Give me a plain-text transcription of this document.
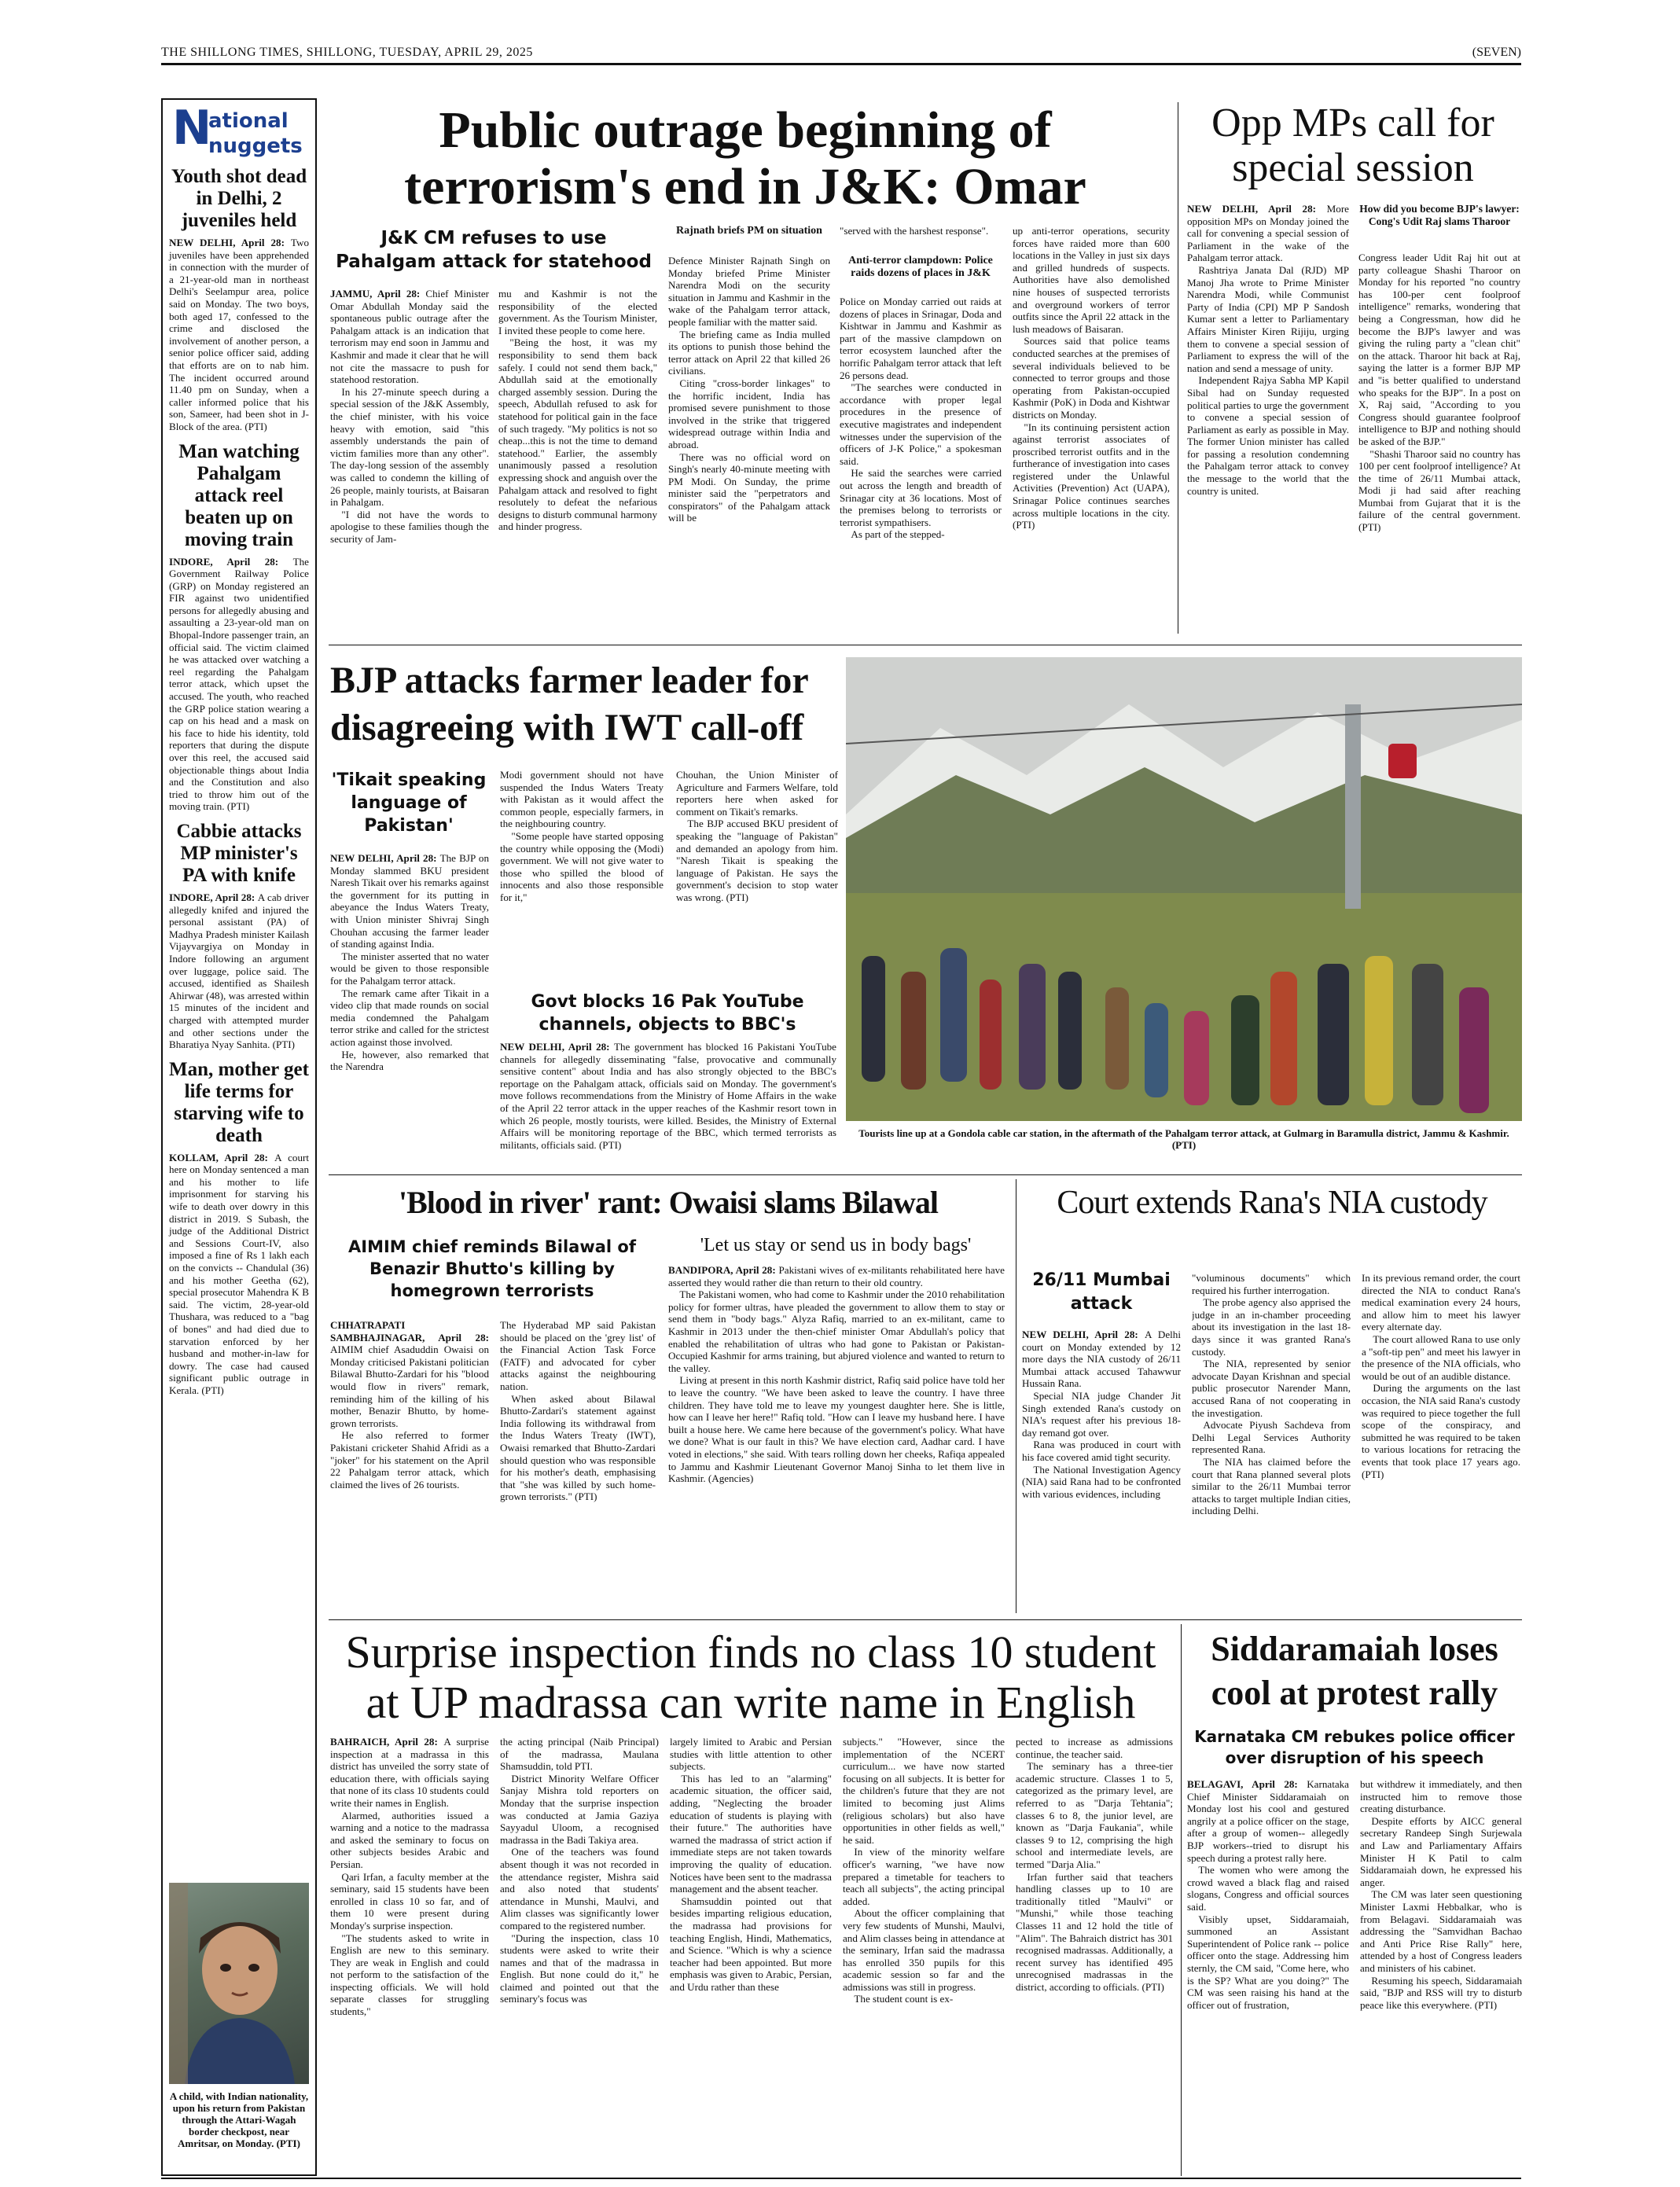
THE SHILLONG TIMES, SHILLONG, TUESDAY, APRIL 29, 2025	(SEVEN)
N
ational
nuggets
Youth shot dead in Delhi, 2 juveniles held

NEW DELHI, April 28: Two juveniles have been apprehended in connection with the murder of a 21-year-old man in northeast Delhi's Seelampur area, police said on Monday. The two boys, both aged 17, confessed to the crime and disclosed the involvement of another person, a senior police officer said, adding that efforts are on to nab him. The incident occurred around 11.40 pm on Sunday, when a caller informed police that his son, Sameer, had been shot in J-Block of the area. (PTI)

Man watching Pahalgam attack reel beaten up on moving train

INDORE, April 28: The Government Railway Police (GRP) on Monday registered an FIR against two unidentified persons for allegedly abusing and assaulting a 23-year-old man on Bhopal-Indore passenger train, an official said. The victim claimed he was attacked over watching a reel regarding the Pahalgam terror attack, which upset the accused. The youth, who reached the GRP police station wearing a cap on his head and a mask on his face to hide his identity, told reporters that during the dispute over this reel, the accused said objectionable things about India and the Constitution and also tried to throw him out of the moving train. (PTI)

Cabbie attacks MP minister's PA with knife

INDORE, April 28: A cab driver allegedly knifed and injured the personal assistant (PA) of Madhya Pradesh minister Kailash Vijayvargiya on Monday in Indore following an argument over luggage, police said. The accused, identified as Shailesh Ahirwar (48), was arrested within 15 minutes of the incident and charged with attempted murder and other sections under the Bharatiya Nyay Sanhita. (PTI)

Man, mother get life terms for starving wife to death

KOLLAM, April 28: A court here on Monday sentenced a man and his mother to life imprisonment for starving his wife to death over dowry in this district in 2019. S Subash, the judge of the Additional District and Sessions Court-IV, also imposed a fine of Rs 1 lakh each on the convicts -- Chandulal (36) and his mother Geetha (62), special prosecutor Mahendra K B said. The victim, 28-year-old Thushara, was reduced to a "bag of bones" and had died due to starvation enforced by her husband and mother-in-law for dowry. The case had caused significant public outrage in Kerala. (PTI)

A child, with Indian nationality, upon his return from Pakistan through the Attari-Wagah border checkpost, near Amritsar, on Monday. (PTI)
Public outrage beginning of terrorism's end in J&K: Omar
J&K CM refuses to use Pahalgam attack for statehood

JAMMU, April 28: Chief Minister Omar Abdullah Monday said the spontaneous public outrage after the Pahalgam attack is an indication that terrorism may end soon in Jammu and Kashmir and made it clear that he will not cite the massacre to push for statehood restoration.

In his 27-minute speech during a special session of the J&K Assembly, the chief minister, with his voice heavy with emotion, said "this assembly understands the pain of victim families more than any other". The day-long session of the assembly was called to condemn the killing of 26 people, mainly tourists, at Baisaran in Pahalgam.

"I did not have the words to apologise to these families though the security of Jam-

mu and Kashmir is not the responsibility of the elected government. As the Tourism Minister, I invited these people to come here.

"Being the host, it was my responsibility to send them back safely. I could not send them back," Abdullah said at the emotionally charged assembly session. During the speech, Abdullah refused to ask for statehood for political gain in the face of such tragedy. "My politics is not so cheap...this is not the time to demand statehood." Earlier, the assembly unanimously passed a resolution expressing shock and anguish over the Pahalgam attack and resolved to fight resolutely to defeat the nefarious designs to disturb communal harmony and hinder progress.

Rajnath briefs PM on situation

Defence Minister Rajnath Singh on Monday briefed Prime Minister Narendra Modi on the security situation in Jammu and Kashmir in the wake of the Pahalgam terror attack, people familiar with the matter said.

The briefing came as India mulled its options to punish those behind the terror attack on April 22 that killed 26 civilians.

Citing "cross-border linkages" to the horrific incident, India has promised severe punishment to those involved in the strike that triggered widespread outrage within India and abroad.

There was no official word on Singh's nearly 40-minute meeting with PM Modi. On Sunday, the prime minister said the "perpetrators and conspirators" of the Pahalgam attack will be

"served with the harshest response".

Anti-terror clampdown: Police raids dozens of places in J&K

Police on Monday carried out raids at dozens of places in Srinagar, Doda and Kishtwar in Jammu and Kashmir as part of the massive clampdown on terror ecosystem launched after the horrific Pahalgam terror attack that left 26 persons dead.

"The searches were conducted in accordance with proper legal procedures in the presence of executive magistrates and independent witnesses under the supervision of the officers of J-K Police," a spokesman said.

He said the searches were carried out across the length and breadth of Srinagar city at 36 locations. Most of the premises belong to terrorists or terrorist sympathisers.

As part of the stepped-

up anti-terror operations, security forces have raided more than 600 locations in the Valley in just six days and grilled hundreds of suspects. Authorities have also demolished nine houses of suspected terrorists and overground workers of terror outfits since the April 22 attack in the lush meadows of Baisaran.

Sources said that police teams conducted searches at the premises of several individuals believed to be connected to terror groups and those operating from Pakistan-occupied Kashmir (PoK) in Doda and Kishtwar districts on Monday.

"In its continuing persistent action against terrorist associates of proscribed terrorist outfits and in the furtherance of investigation into cases registered under the Unlawful Activities (Prevention) Act (UAPA), Srinagar Police continues searches across multiple locations in the city. (PTI)

Opp MPs call for special session

NEW DELHI, April 28: More opposition MPs on Monday joined the call for convening a special session of Parliament in the wake of the Pahalgam terror attack.

Rashtriya Janata Dal (RJD) MP Manoj Jha wrote to Prime Minister Narendra Modi, while Communist Party of India (CPI) MP P Sandosh Kumar sent a letter to Parliamentary Affairs Minister Kiren Rijiju, urging them to convene a special session of Parliament to express the will of the nation and send a message of unity.

Independent Rajya Sabha MP Kapil Sibal had on Sunday requested political parties to urge the government to convene a special session of Parliament as early as possible in May. The former Union minister has called for passing a resolution condemning the Pahalgam terror attack to convey the message to the world that the country is united.

How did you become BJP's lawyer: Cong's Udit Raj slams Tharoor

Congress leader Udit Raj hit out at party colleague Shashi Tharoor on Monday for his reported "no country has 100-per cent foolproof intelligence" remarks, wondering that being a Congressman, how did he become the BJP's lawyer and was giving the ruling party a "clean chit" on the attack. Tharoor hit back at Raj, saying the latter is a former BJP MP and "is better qualified to understand who speaks for the BJP". In a post on X, Raj said, "According to you Congress should guarantee foolproof intelligence to BJP and nothing should be asked of the BJP."

"Shashi Tharoor said no country has 100 per cent foolproof intelligence? At the time of 26/11 Mumbai attack, Modi ji had said after reaching Mumbai from Gujarat that it is the failure of the central government. (PTI)

BJP attacks farmer leader for disagreeing with IWT call-off
'Tikait speaking language of Pakistan'

NEW DELHI, April 28: The BJP on Monday slammed BKU president Naresh Tikait over his remarks against the government for its putting in abeyance the Indus Waters Treaty, with Union minister Shivraj Singh Chouhan accusing the farmer leader of standing against India.

The minister asserted that no water would be given to those responsible for the Pahalgam terror attack.

The remark came after Tikait in a video clip that made rounds on social media condemned the Pahalgam terror strike and called for the strictest action against those involved.

He, however, also remarked that the Narendra

Modi government should not have suspended the Indus Waters Treaty with Pakistan as it would affect the common people, especially farmers, in the neighbouring country.

"Some people have started opposing the country while opposing the (Modi) government. We will not give water to those who spilled the blood of innocents and also those responsible for it,"

Chouhan, the Union Minister of Agriculture and Farmers Welfare, told reporters here when asked for comment on Tikait's remarks.

The BJP accused BKU president of speaking the "language of Pakistan" and demanded an apology from him. "Naresh Tikait is speaking the language of Pakistan. He says the government's decision to stop water was wrong. (PTI)

Govt blocks 16 Pak YouTube channels, objects to BBC's

NEW DELHI, April 28: The government has blocked 16 Pakistani YouTube channels for allegedly disseminating "false, provocative and communally sensitive content" about India and has also strongly objected to the BBC's reportage on the Pahalgam attack, officials said on Monday. The government's move follows recommendations from the Ministry of Home Affairs in the wake of the April 22 terror attack in the upper reaches of the Kashmir resort town in which 26 people, mostly tourists, were killed. Besides, the Ministry of External Affairs will be monitoring reportage of the BBC, which termed terrorists as militants, officials said. (PTI)

Tourists line up at a Gondola cable car station, in the aftermath of the Pahalgam terror attack, at Gulmarg in Baramulla district, Jammu & Kashmir. (PTI)
'Blood in river' rant: Owaisi slams Bilawal
AIMIM chief reminds Bilawal of Benazir Bhutto's killing by homegrown terrorists

CHHATRAPATI SAMBHAJINAGAR, April 28: AIMIM chief Asaduddin Owaisi on Monday criticised Pakistani politician Bilawal Bhutto-Zardari for his "blood would flow in rivers" remark, reminding him of the killing of his mother, Benazir Bhutto, by home-grown terrorists.

He also referred to former Pakistani cricketer Shahid Afridi as a "joker" for his statement on the April 22 Pahalgam terror attack, which claimed the lives of 26 tourists.

The Hyderabad MP said Pakistan should be placed on the 'grey list' of the Financial Action Task Force (FATF) and advocated for cyber attacks against the neighbouring nation.

When asked about Bilawal Bhutto-Zardari's statement against India following its withdrawal from the Indus Waters Treaty (IWT), Owaisi remarked that Bhutto-Zardari should question who was responsible for his mother's death, emphasising that "she was killed by such home-grown terrorists." (PTI)

'Let us stay or send us in body bags'

BANDIPORA, April 28: Pakistani wives of ex-militants rehabilitated here have asserted they would rather die than return to their old country.

The Pakistani women, who had come to Kashmir under the 2010 rehabilitation policy for former ultras, have pleaded the government to allow them to stay or send them in "body bags." Alyza Rafiq, married to an ex-militant, came to Kashmir in 2013 under the then-chief minister Omar Abdullah's policy that enabled the rehabilitation of ultras who had gone to Pakistan or Pakistan-Occupied Kashmir for arms training, but abjured violence and wanted to return to the valley.

Living at present in this north Kashmir district, Rafiq said police have told her to leave the country. "We have been asked to leave the country. I have three children. They have told me to leave my youngest daughter here. She is little, how can I leave her here!" Rafiq told. "How can I leave my husband here. I have built a house here. We came here because of the government's policy. What have we done? What is our fault in this? We have election card, Aadhar card. I have voted in elections," she said. With tears rolling down her cheeks, Rafiqa appealed to Jammu and Kashmir Lieutenant Governor Manoj Sinha to let them live in Kashmir. (Agencies)

Court extends Rana's NIA custody
26/11 Mumbai attack

NEW DELHI, April 28: A Delhi court on Monday extended by 12 more days the NIA custody of 26/11 Mumbai attack accused Tahawwur Hussain Rana.

Special NIA judge Chander Jit Singh extended Rana's custody on NIA's request after his previous 18-day remand got over.

Rana was produced in court with his face covered amid tight security.

The National Investigation Agency (NIA) said Rana had to be confronted with various evidences, including

"voluminous documents" which required his further interrogation.

The probe agency also apprised the judge in an in-chamber proceeding about its investigation in the last 18-days since it was granted Rana's custody.

The NIA, represented by senior advocate Dayan Krishnan and special public prosecutor Narender Mann, accused Rana of not cooperating in the investigation.

Advocate Piyush Sachdeva from Delhi Legal Services Authority represented Rana.

The NIA has claimed before the court that Rana planned several plots similar to the 26/11 Mumbai terror attacks to target multiple Indian cities, including Delhi.

In its previous remand order, the court directed the NIA to conduct Rana's medical examination every 24 hours, and allow him to meet his lawyer every alternate day.

The court allowed Rana to use only a "soft-tip pen" and meet his lawyer in the presence of the NIA officials, who would be out of an audible distance.

During the arguments on the last occasion, the NIA said Rana's custody was required to piece together the full scope of the conspiracy, and submitted he was required to be taken to various locations for retracing the events that took place 17 years ago. (PTI)

Surprise inspection finds no class 10 student at UP madrassa can write name in English

BAHRAICH, April 28: A surprise inspection at a madrassa in this district has unveiled the sorry state of education there, with officials saying that none of its class 10 students could write their names in English.

Alarmed, authorities issued a warning and a notice to the madrassa and asked the seminary to focus on other subjects besides Arabic and Persian.

Qari Irfan, a faculty member at the seminary, said 15 students have been enrolled in class 10 so far, and of them 10 were present during Monday's surprise inspection.

"The students asked to write in English are new to this seminary. They are weak in English and could not perform to the satisfaction of the inspecting officials. We will hold separate classes for struggling students,"

the acting principal (Naib Principal) of the madrassa, Maulana Shamsuddin, told PTI.

District Minority Welfare Officer Sanjay Mishra told reporters on Monday that the surprise inspection was conducted at Jamia Gaziya Sayyadul Uloom, a recognised madrassa in the Badi Takiya area.

One of the teachers was found absent though it was not recorded in the attendance register, Mishra said and also noted that students' attendance in Munshi, Maulvi, and Alim classes was significantly lower compared to the registered number.

"During the inspection, class 10 students were asked to write their names and that of the madrassa in English. But none could do it," he claimed and pointed out that the seminary's focus was

largely limited to Arabic and Persian studies with little attention to other subjects.

This has led to an "alarming" academic situation, the officer said, adding, "Neglecting the broader education of students is playing with their future." The authorities have warned the madrassa of strict action if immediate steps are not taken towards improving the quality of education. Notices have been sent to the madrassa management and the absent teacher.

Shamsuddin pointed out that besides imparting religious education, the madrassa had provisions for teaching English, Hindi, Mathematics, and Science. "Which is why a science teacher had been appointed. But more emphasis was given to Arabic, Persian, and Urdu rather than these

subjects." "However, since the implementation of the NCERT curriculum... we have now started focusing on all subjects. It is better for the children's future that they are not limited to becoming just Alims (religious scholars) but also have opportunities in other fields as well," he said.

In view of the minority welfare officer's warning, "we have now prepared a timetable for teachers to teach all subjects", the acting principal added.

About the officer complaining that very few students of Munshi, Maulvi, and Alim classes being in attendance at the seminary, Irfan said the madrassa has enrolled 350 pupils for this academic session so far and the admissions was still in progress.

The student count is ex-

pected to increase as admissions continue, the teacher said.

The seminary has a three-tier academic structure. Classes 1 to 5, categorized as the primary level, are referred to as "Darja Tehtania"; classes 6 to 8, the junior level, are known as "Darja Faukania", while classes 9 to 12, comprising the high school and intermediate levels, are termed "Darja Alia."

Irfan further said that teachers handling classes up to 10 are traditionally titled "Maulvi" or "Munshi," while those teaching Classes 11 and 12 hold the title of "Alim". The Bahraich district has 301 recognised madrassas. Additionally, a recent survey has identified 495 unrecognised madrassas in the district, according to officials. (PTI)

Siddaramaiah loses cool at protest rally
Karnataka CM rebukes police officer over disruption of his speech

BELAGAVI, April 28: Karnataka Chief Minister Siddaramaiah on Monday lost his cool and gestured angrily at a police officer on the stage, after a group of women-- allegedly BJP workers--tried to disrupt his speech during a protest rally here.

The women who were among the crowd waved a black flag and raised slogans, Congress and official sources said.

Visibly upset, Siddaramaiah, summoned an Assistant Superintendent of Police rank -- police officer onto the stage. Addressing him sternly, the CM said, "Come here, who is the SP? What are you doing?" The CM was seen raising his hand at the officer out of frustration,

but withdrew it immediately, and then instructed him to remove those creating disturbance.

Despite efforts by AICC general secretary Randeep Singh Surjewala and Law and Parliamentary Affairs Minister H K Patil to calm Siddaramaiah down, he expressed his anger.

The CM was later seen questioning Minister Laxmi Hebbalkar, who is from Belagavi. Siddaramaiah was addressing the "Samvidhan Bachao and Anti Price Rise Rally" here, attended by a host of Congress leaders and ministers of his cabinet.

Resuming his speech, Siddaramaiah said, "BJP and RSS will try to disturb peace like this everywhere. (PTI)
